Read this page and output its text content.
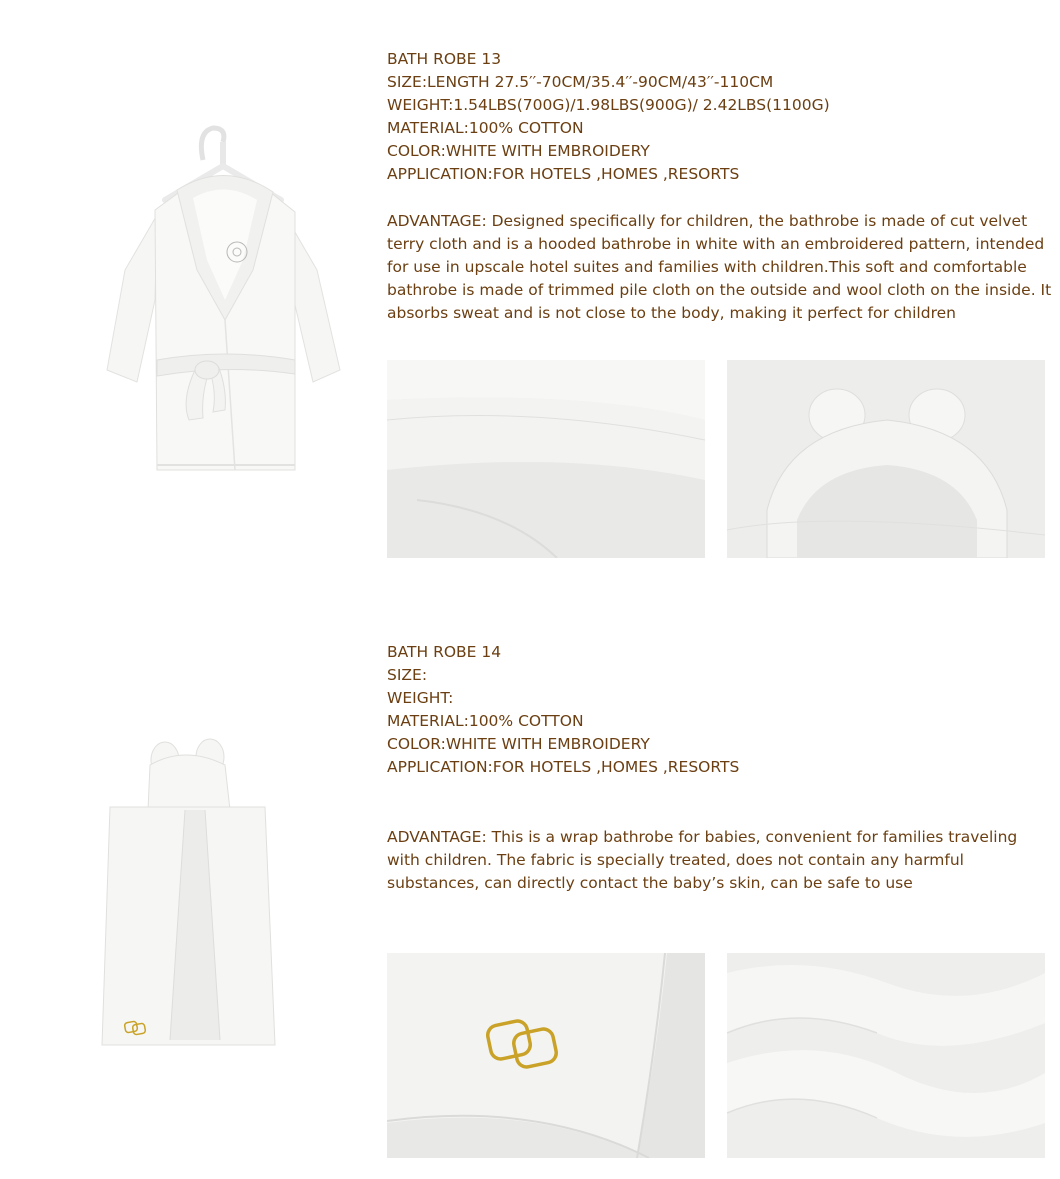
BATH ROBE 13
SIZE:LENGTH 27.5′′-70CM/35.4′′-90CM/43′′-110CM
WEIGHT:1.54LBS(700G)/1.98LBS(900G)/ 2.42LBS(1100G)
MATERIAL:100% COTTON
COLOR:WHITE WITH EMBROIDERY
APPLICATION:FOR HOTELS ,HOMES ,RESORTS
ADVANTAGE: Designed specifically for children, the bathrobe is made of cut velvet terry cloth and is a hooded bathrobe in white with an embroidered pattern, intended for use in upscale hotel suites and families with children.This soft and comfortable bathrobe is made of trimmed pile cloth on the outside and wool cloth on the inside. It absorbs sweat and is not close to the body, making it perfect for children
BATH ROBE 14
SIZE:
WEIGHT:
MATERIAL:100% COTTON
COLOR:WHITE WITH EMBROIDERY
APPLICATION:FOR HOTELS ,HOMES ,RESORTS
ADVANTAGE: This is a wrap bathrobe for babies, convenient for families traveling with children. The fabric is specially treated, does not contain any harmful substances, can directly contact the baby’s skin, can be safe to use
